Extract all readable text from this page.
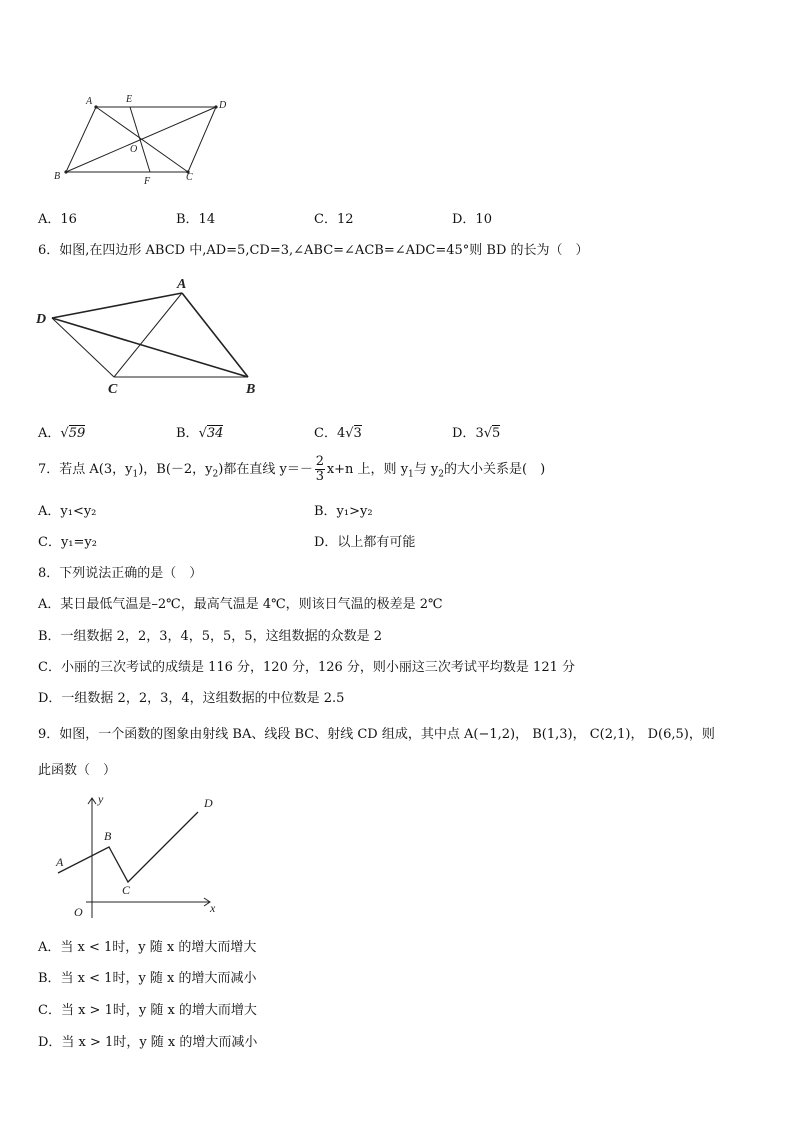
A	E
D
O
B	F	C
A．16	B．14	C．12	D．10
6．如图,在四边形 ABCD 中,AD=5,CD=3,∠ABC=∠ACB=∠ADC=45°则 BD 的长为（　）
A
D
C	B
A．√59	B．√34	C．4√3	D．3√5
7．若点 A(3，$y_1$)，B(－2，$y_2$)都在直线 $y=- \frac{2}{3} x+n$ 上，则 $y_1$与 $y_2$的大小关系是(　)
A．y₁<y₂	B．y₁>y₂
C．y₁=y₂	D．以上都有可能
8．下列说法正确的是（　）
A．某日最低气温是–2℃，最高气温是 4℃，则该日气温的极差是 2℃
B．一组数据 2，2，3，4，5，5，5，这组数据的众数是 2
C．小丽的三次考试的成绩是 116 分，120 分，126 分，则小丽这三次考试平均数是 121 分
D．一组数据 2，2，3，4，这组数据的中位数是 2.5
9．如图，一个函数的图象由射线 BA、线段 BC、射线 CD 组成，其中点 A(−1,2)， B(1,3)， C(2,1)， D(6,5)，则
此函数（　）
y	D
B
A
C
O	x
A．当 x < 1时，y 随 x 的增大而增大
B．当 x < 1时，y 随 x 的增大而减小
C．当 x > 1时，y 随 x 的增大而增大
D．当 x > 1时，y 随 x 的增大而减小
